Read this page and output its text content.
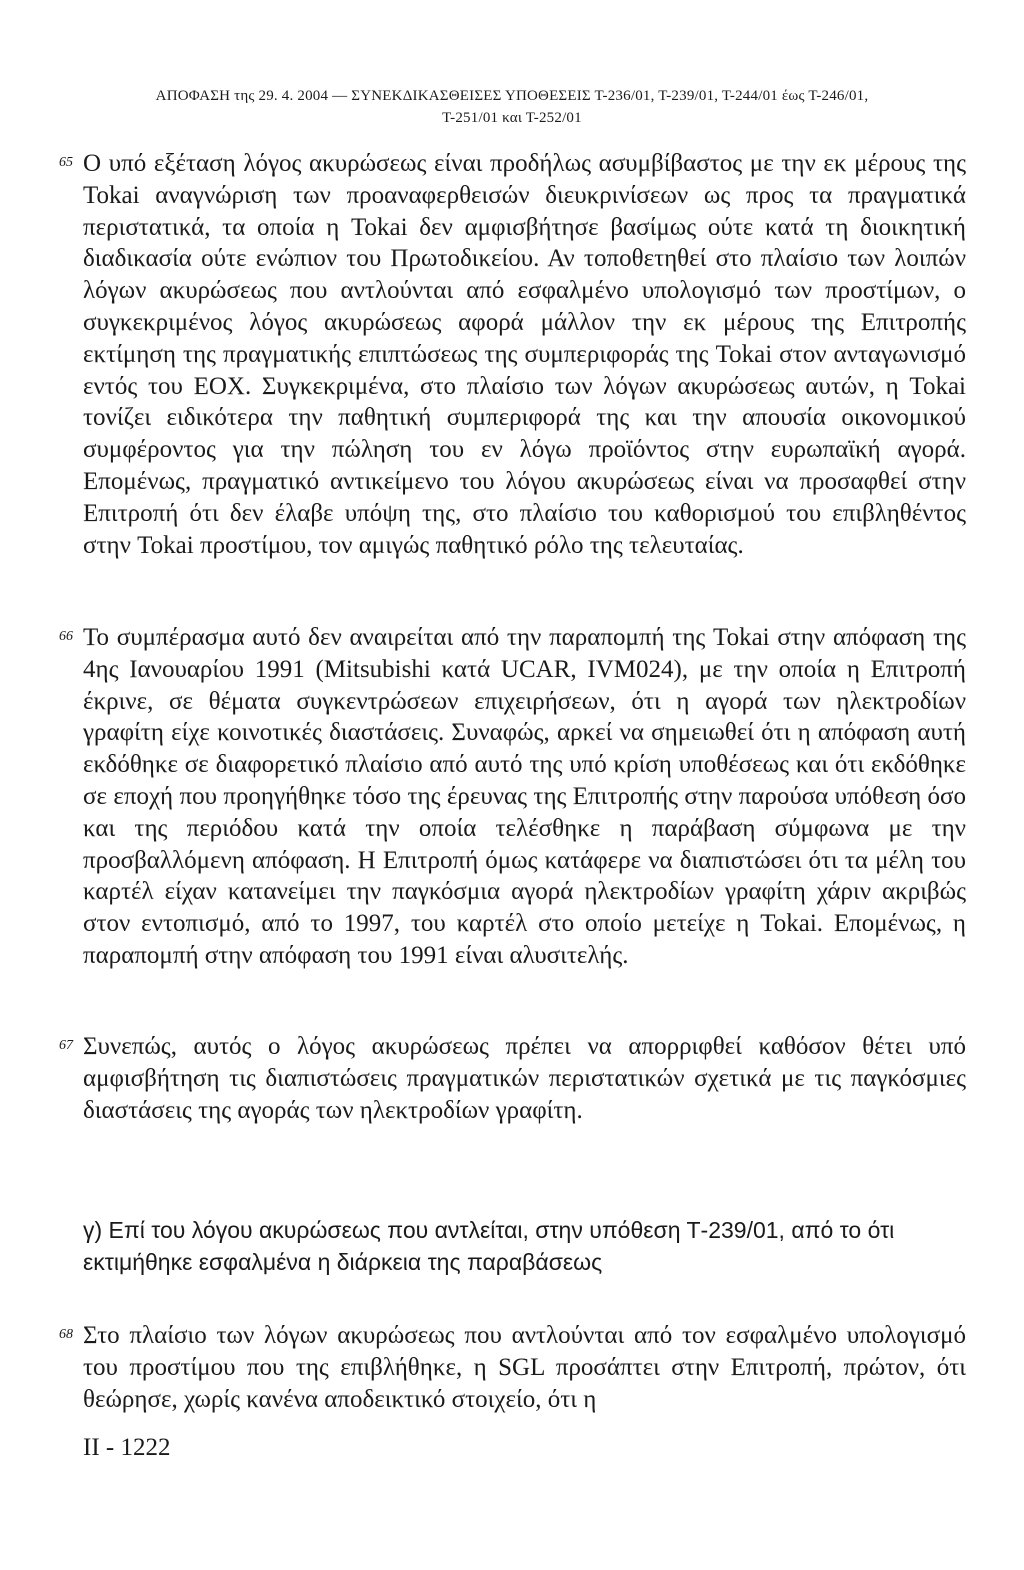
ΑΠΟΦΑΣΗ της 29. 4. 2004 — ΣΥΝΕΚΔΙΚΑΣΘΕΙΣΕΣ ΥΠΟΘΕΣΕΙΣ Τ-236/01, Τ-239/01, Τ-244/01 έως Τ-246/01,
Τ-251/01 και Τ-252/01
65 Ο υπό εξέταση λόγος ακυρώσεως είναι προδήλως ασυμβίβαστος με την εκ μέρους της Tokai αναγνώριση των προαναφερθεισών διευκρινίσεων ως προς τα πραγματικά περιστατικά, τα οποία η Tokai δεν αμφισβήτησε βασίμως ούτε κατά τη διοικητική διαδικασία ούτε ενώπιον του Πρωτοδικείου. Αν τοποθετηθεί στο πλαίσιο των λοιπών λόγων ακυρώσεως που αντλούνται από εσφαλμένο υπολογισμό των προστίμων, ο συγκεκριμένος λόγος ακυρώσεως αφορά μάλλον την εκ μέρους της Επιτροπής εκτίμηση της πραγματικής επιπτώσεως της συμπεριφοράς της Tokai στον ανταγωνισμό εντός του ΕΟΧ. Συγκεκριμένα, στο πλαίσιο των λόγων ακυρώσεως αυτών, η Tokai τονίζει ειδικότερα την παθητική συμπεριφορά της και την απουσία οικονομικού συμφέροντος για την πώληση του εν λόγω προϊόντος στην ευρωπαϊκή αγορά. Επομένως, πραγματικό αντικείμενο του λόγου ακυρώσεως είναι να προσαφθεί στην Επιτροπή ότι δεν έλαβε υπόψη της, στο πλαίσιο του καθορισμού του επιβληθέντος στην Tokai προστίμου, τον αμιγώς παθητικό ρόλο της τελευταίας.
66 Το συμπέρασμα αυτό δεν αναιρείται από την παραπομπή της Tokai στην απόφαση της 4ης Ιανουαρίου 1991 (Mitsubishi κατά UCAR, IVM024), με την οποία η Επιτροπή έκρινε, σε θέματα συγκεντρώσεων επιχειρήσεων, ότι η αγορά των ηλεκτροδίων γραφίτη είχε κοινοτικές διαστάσεις. Συναφώς, αρκεί να σημειωθεί ότι η απόφαση αυτή εκδόθηκε σε διαφορετικό πλαίσιο από αυτό της υπό κρίση υποθέσεως και ότι εκδόθηκε σε εποχή που προηγήθηκε τόσο της έρευνας της Επιτροπής στην παρούσα υπόθεση όσο και της περιόδου κατά την οποία τελέσθηκε η παράβαση σύμφωνα με την προσβαλλόμενη απόφαση. Η Επιτροπή όμως κατάφερε να διαπιστώσει ότι τα μέλη του καρτέλ είχαν κατανείμει την παγκόσμια αγορά ηλεκτροδίων γραφίτη χάριν ακριβώς στον εντοπισμό, από το 1997, του καρτέλ στο οποίο μετείχε η Tokai. Επομένως, η παραπομπή στην απόφαση του 1991 είναι αλυσιτελής.
67 Συνεπώς, αυτός ο λόγος ακυρώσεως πρέπει να απορριφθεί καθόσον θέτει υπό αμφισβήτηση τις διαπιστώσεις πραγματικών περιστατικών σχετικά με τις παγκόσμιες διαστάσεις της αγοράς των ηλεκτροδίων γραφίτη.
γ) Επί του λόγου ακυρώσεως που αντλείται, στην υπόθεση Τ-239/01, από το ότι εκτιμήθηκε εσφαλμένα η διάρκεια της παραβάσεως
68 Στο πλαίσιο των λόγων ακυρώσεως που αντλούνται από τον εσφαλμένο υπολογισμό του προστίμου που της επιβλήθηκε, η SGL προσάπτει στην Επιτροπή, πρώτον, ότι θεώρησε, χωρίς κανένα αποδεικτικό στοιχείο, ότι η
II - 1222
